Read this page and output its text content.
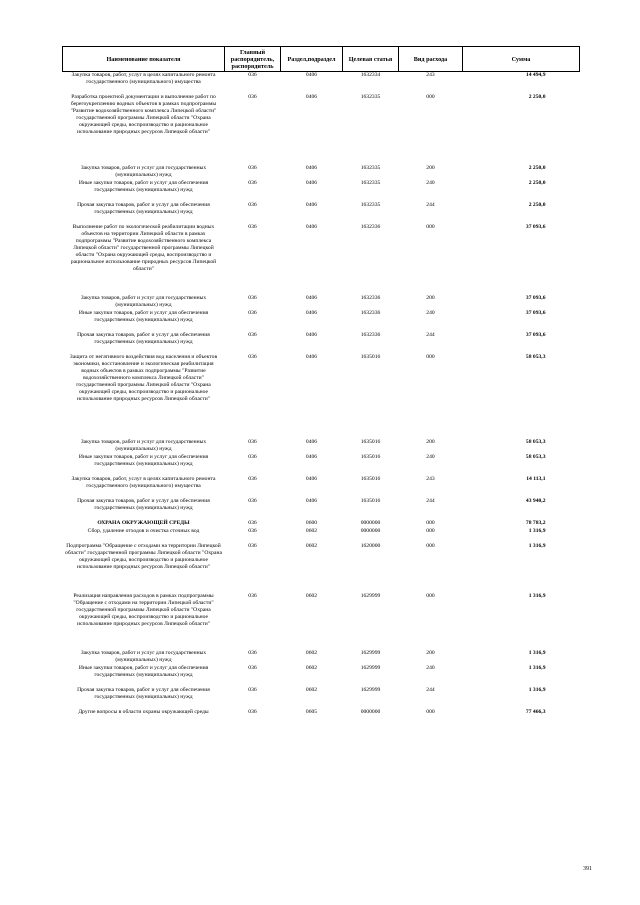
Наименование показателя	Главный распорядитель, распорядитель	Раздел,подраздел	Целевая статья	Вид расхода	Сумма
Закупка товаров, работ, услуг в целях капитального ремонта государственного (муниципального) имущества	036	0406	1632334	243	14 494,9
Разработка проектной документации и выполнение работ по берегоукреплению водных объектов в рамках подпрограммы "Развитие водохозяйственного комплекса Липецкой области" государственной программы Липецкой области "Охрана окружающей среды, воспроизводство и рациональное использование природных ресурсов Липецкой области"	036	0406	1632335	000	2 250,0
Закупка товаров, работ и услуг для государственных (муниципальных) нужд	036	0406	1632335	200	2 250,0
Иные закупки товаров, работ и услуг для обеспечения государственных (муниципальных) нужд	036	0406	1632335	240	2 250,0
Прочая закупка товаров, работ и услуг для обеспечения государственных (муниципальных) нужд	036	0406	1632335	244	2 250,0
Выполнение работ по экологической реабилитации водных объектов на территории Липецкой области в рамках подпрограммы "Развитие водохозяйственного комплекса Липецкой области" государственной программы Липецкой области "Охрана окружающей среды, воспроизводство и рациональное использование природных ресурсов Липецкой области"	036	0406	1632336	000	37 093,6
Закупка товаров, работ и услуг для государственных (муниципальных) нужд	036	0406	1632336	200	37 093,6
Иные закупки товаров, работ и услуг для обеспечения государственных (муниципальных) нужд	036	0406	1632336	240	37 093,6
Прочая закупка товаров, работ и услуг для обеспечения государственных (муниципальных) нужд	036	0406	1632336	244	37 093,6
Защита от негативного воздействия вод населения и объектов экономики, восстановление и экологическая реабилитация водных объектов в рамках подпрограммы "Развитие водохозяйственного комплекса Липецкой области" государственной программы Липецкой области "Охрана окружающей среды, воспроизводство и рациональное использование природных ресурсов Липецкой области"	036	0406	1635016	000	58 053,3
Закупка товаров, работ и услуг для государственных (муниципальных) нужд	036	0406	1635016	200	58 053,3
Иные закупки товаров, работ и услуг для обеспечения государственных (муниципальных) нужд	036	0406	1635016	240	58 053,3
Закупка товаров, работ, услуг в целях капитального ремонта государственного (муниципального) имущества	036	0406	1635016	243	14 113,1
Прочая закупка товаров, работ и услуг для обеспечения государственных (муниципальных) нужд	036	0406	1635016	244	43 940,2
ОХРАНА ОКРУЖАЮЩЕЙ СРЕДЫ	036	0600	0000000	000	78 783,2
Сбор, удаление отходов и очистка сточных вод	036	0602	0000000	000	1 316,9
Подпрограмма "Обращение с отходами на территории Липецкой области" государственной программы Липецкой области "Охрана окружающей среды, воспроизводство и рациональное использование природных ресурсов Липецкой области"	036	0602	1620000	000	1 316,9
Реализация направления расходов в рамках подпрограммы "Обращение с отходами на территории Липецкой области" государственной программы Липецкой области "Охрана окружающей среды, воспроизводство и рациональное использование природных ресурсов Липецкой области"	036	0602	1629999	000	1 316,9
Закупка товаров, работ и услуг для государственных (муниципальных) нужд	036	0602	1629999	200	1 316,9
Иные закупки товаров, работ и услуг для обеспечения государственных (муниципальных) нужд	036	0602	1629999	240	1 316,9
Прочая закупка товаров, работ и услуг для обеспечения государственных (муниципальных) нужд	036	0602	1629999	244	1 316,9
Другие вопросы в области охраны окружающей среды	036	0605	0000000	000	77 466,3
391
